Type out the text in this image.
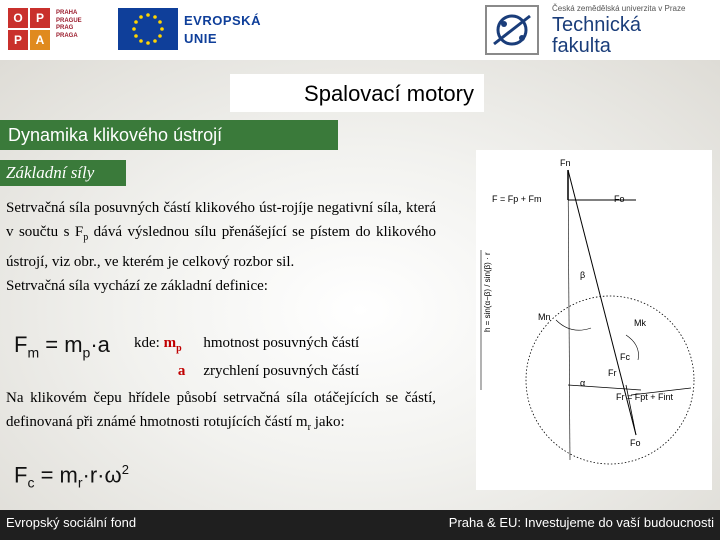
O	P
P	A
PRAHA
PRAGUE
PRAG
PRAGA
EVROPSKÁ
UNIE
Česká zemědělská univerzita v Praze
Technická
fakulta
Spalovací motory
Dynamika klikového ústrojí
Základní síly
Setrvačná síla posuvných částí klikového úst-rojíje negativní síla, která v součtu s $F_p$ dává výslednou sílu přenášející se pístem do klikového ústrojí, viz obr., ve kterém je celkový rozbor sil.
Setrvačná síla vychází ze základní definice:
$F_m = m_p\cdot a$ kde: $m_p$ hmotnost posuvných částí
a zrychlení posuvných částí
Na klikovém čepu hřídele působí setrvačná síla otáčejících se částí, definovaná při známé hmotnosti rotujících částí $m_r$ jako:
$F_c = m_r\cdot r\cdot\omega^2$
Fn
F = Fp + Fm	Fo
h = sin(α−β) / sin(β) · r	β
Mn
Mk
Fc
Fr
α
Fr = Fpt + Fint
Fo
Evropský sociální fond	Praha & EU: Investujeme do vaší budoucnosti
